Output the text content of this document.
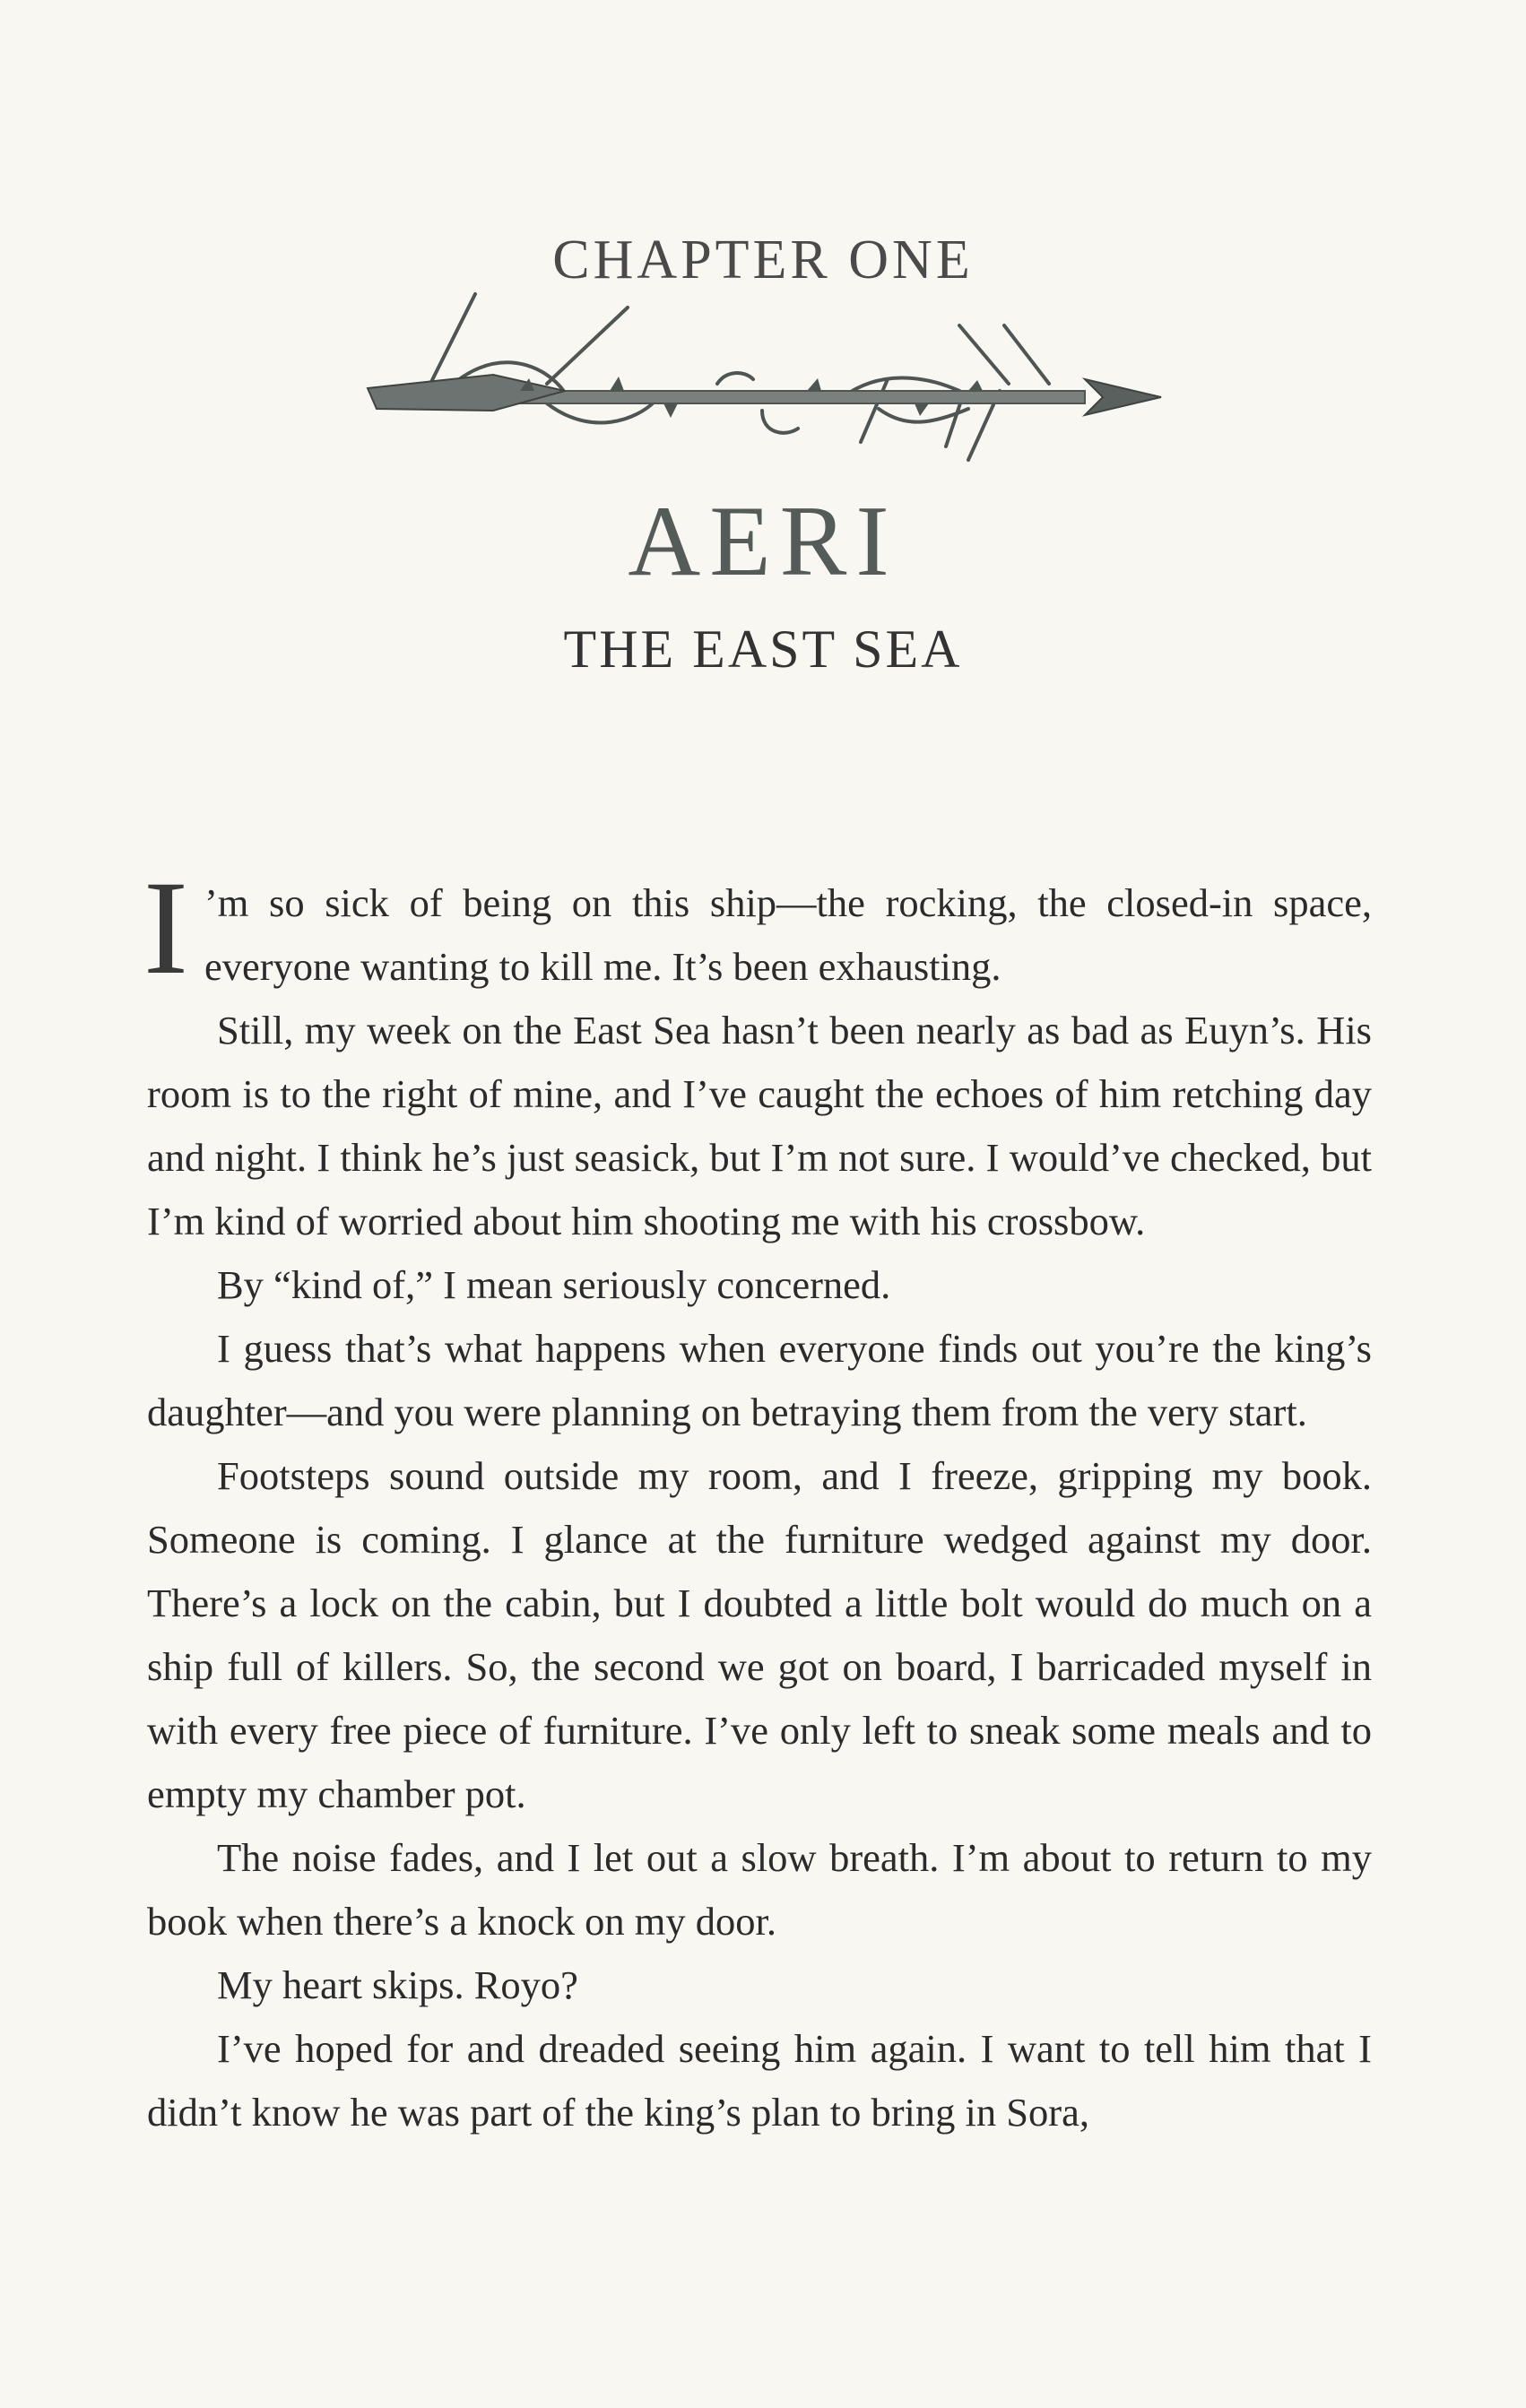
CHAPTER ONE
AERI
THE EAST SEA

I ’m so sick of being on this ship—the rocking, the closed-in space, everyone wanting to kill me. It’s been exhausting.

Still, my week on the East Sea hasn’t been nearly as bad as Euyn’s. His room is to the right of mine, and I’ve caught the echoes of him retching day and night. I think he’s just seasick, but I’m not sure. I would’ve checked, but I’m kind of worried about him shooting me with his crossbow.

By “kind of,” I mean seriously concerned.

I guess that’s what happens when everyone finds out you’re the king’s daughter—and you were planning on betraying them from the very start.

Footsteps sound outside my room, and I freeze, gripping my book. Someone is coming. I glance at the furniture wedged against my door. There’s a lock on the cabin, but I doubted a little bolt would do much on a ship full of killers. So, the second we got on board, I barricaded myself in with every free piece of furniture. I’ve only left to sneak some meals and to empty my chamber pot.

The noise fades, and I let out a slow breath. I’m about to return to my book when there’s a knock on my door.

My heart skips. Royo?

I’ve hoped for and dreaded seeing him again. I want to tell him that I didn’t know he was part of the king’s plan to bring in Sora,
